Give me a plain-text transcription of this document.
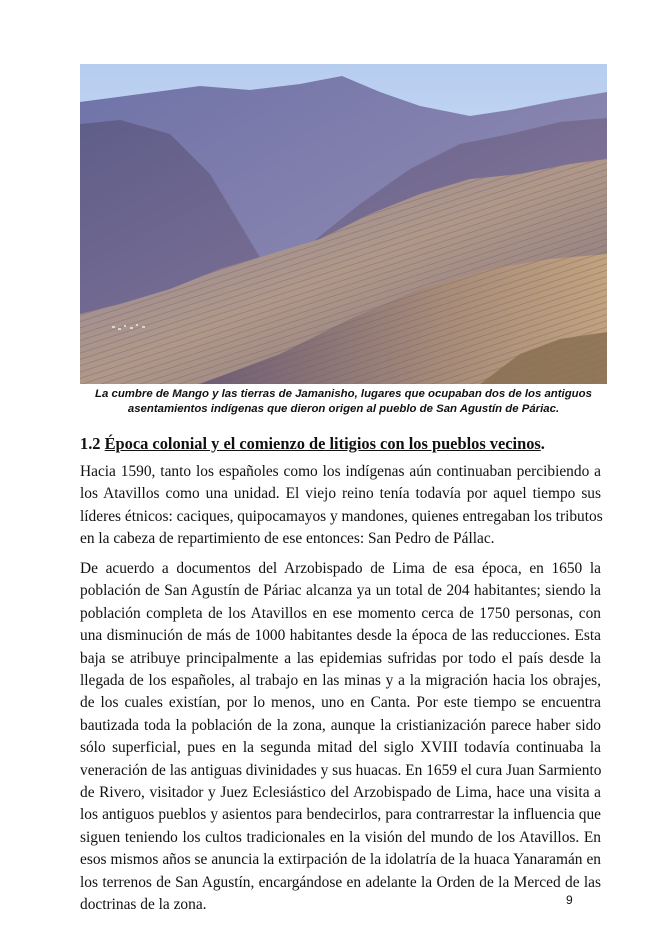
La cumbre de Mango y las tierras de Jamanisho, lugares que ocupaban dos de los antiguos
asentamientos indígenas que dieron origen al pueblo de San Agustín de Páriac.
1.2 Época colonial y el comienzo de litigios con los pueblos vecinos.

Hacia 1590, tanto los españoles como los indígenas aún continuaban percibiendo a
los Atavillos como una unidad. El viejo reino tenía todavía por aquel tiempo sus
líderes étnicos: caciques, quipocamayos y mandones, quienes entregaban los tributos
en la cabeza de repartimiento de ese entonces: San Pedro de Pállac.

De acuerdo a documentos del Arzobispado de Lima de esa época, en 1650 la
población de San Agustín de Páriac alcanza ya un total de 204 habitantes; siendo la
población completa de los Atavillos en ese momento cerca de 1750 personas, con
una disminución de más de 1000 habitantes desde la época de las reducciones. Esta
baja se atribuye principalmente a las epidemias sufridas por todo el país desde la
llegada de los españoles, al trabajo en las minas y a la migración hacia los obrajes,
de los cuales existían, por lo menos, uno en Canta. Por este tiempo se encuentra
bautizada toda la población de la zona, aunque la cristianización parece haber sido
sólo superficial, pues en la segunda mitad del siglo XVIII todavía continuaba la
veneración de las antiguas divinidades y sus huacas. En 1659 el cura Juan Sarmiento
de Rivero, visitador y Juez Eclesiástico del Arzobispado de Lima, hace una visita a
los antiguos pueblos y asientos para bendecirlos, para contrarrestar la influencia que
siguen teniendo los cultos tradicionales en la visión del mundo de los Atavillos. En
esos mismos años se anuncia la extirpación de la idolatría de la huaca Yanaramán en
los terrenos de San Agustín, encargándose en adelante la Orden de la Merced de las
doctrinas de la zona.	9
